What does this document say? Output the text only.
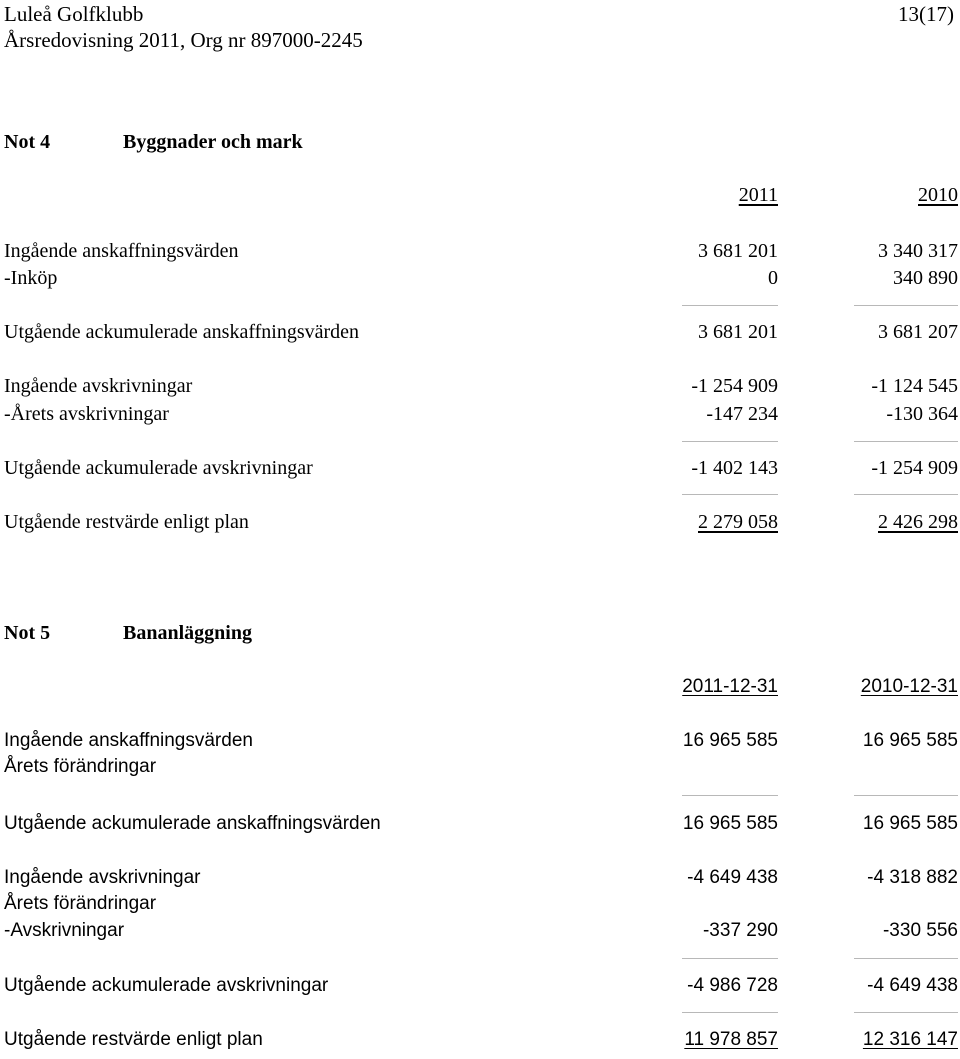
Luleå Golfklubb	13(17)
Årsredovisning 2011, Org nr 897000-2245
Not 4	Byggnader och mark
2011	2010
Ingående anskaffningsvärden	3 681 201	3 340 317
-Inköp	0	340 890
Utgående ackumulerade anskaffningsvärden	3 681 201	3 681 207
Ingående avskrivningar	-1 254 909	-1 124 545
-Årets avskrivningar	-147 234	-130 364
Utgående ackumulerade avskrivningar	-1 402 143	-1 254 909
Utgående restvärde enligt plan	2 279 058	2 426 298
Not 5	Bananläggning
2011-12-31	2010-12-31
Ingående anskaffningsvärden	16 965 585	16 965 585
Årets förändringar
Utgående ackumulerade anskaffningsvärden	16 965 585	16 965 585
Ingående avskrivningar	-4 649 438	-4 318 882
Årets förändringar
-Avskrivningar	-337 290	-330 556
Utgående ackumulerade avskrivningar	-4 986 728	-4 649 438
Utgående restvärde enligt plan	11 978 857	12 316 147
